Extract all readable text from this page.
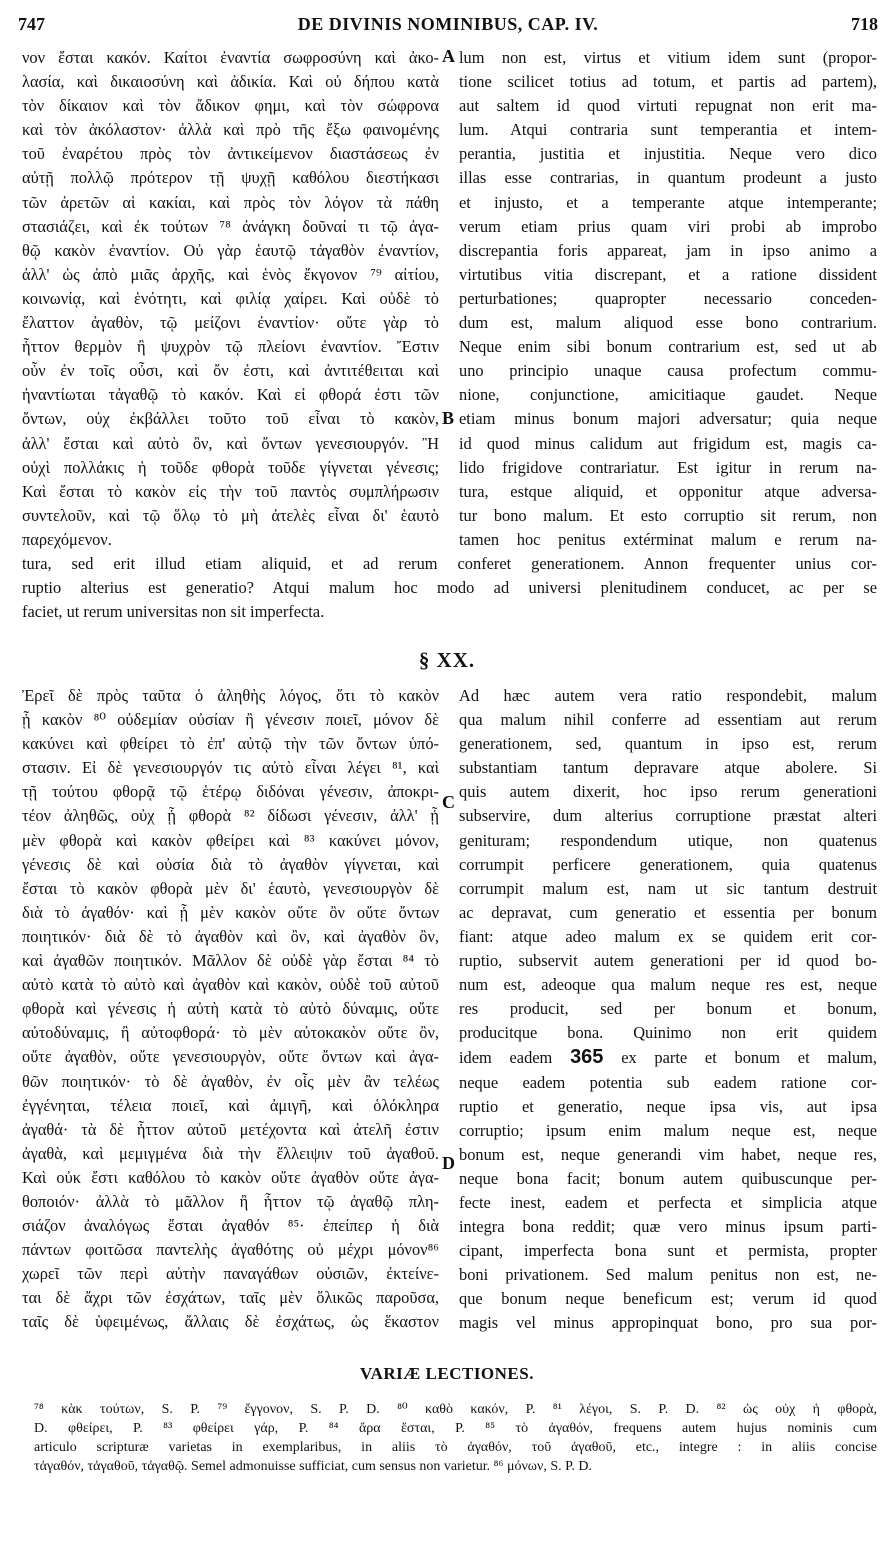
747	DE DIVINIS NOMINIBUS, CAP. IV.	718
νον ἔσται κακόν. Καίτοι ἐναντία σωφροσύνη καὶ ἀκο-
λασία, καὶ δικαιοσύνη καὶ ἀδικία. Καὶ οὐ δήπου κατὰ
τὸν δίκαιον καὶ τὸν ἄδικον φημι, καὶ τὸν σώφρονα
καὶ τὸν ἀκόλαστον· ἀλλὰ καὶ πρὸ τῆς ἔξω φαινομένης
τοῦ ἐναρέτου πρὸς τὸν ἀντικείμενον διαστάσεως ἐν
αὐτῇ πολλῷ πρότερον τῇ ψυχῇ καθόλου διεστήκασι
τῶν ἀρετῶν αἱ κακίαι, καὶ πρὸς τὸν λόγον τὰ πάθη
στασιάζει, καὶ ἐκ τούτων ⁷⁸ ἀνάγκη δοῦναί τι τῷ ἀγα-
θῷ κακὸν ἐναντίον. Οὐ γὰρ ἑαυτῷ τἀγαθὸν ἐναντίον,
ἀλλ' ὡς ἀπὸ μιᾶς ἀρχῆς, καὶ ἑνὸς ἔκγονον ⁷⁹ αἰτίου,
κοινωνίᾳ, καὶ ἑνότητι, καὶ φιλίᾳ χαίρει. Καὶ οὐδὲ τὸ
ἔλαττον ἀγαθὸν, τῷ μείζονι ἐναντίον· οὔτε γὰρ τὸ
ἧττον θερμὸν ἢ ψυχρὸν τῷ πλείονι ἐναντίον. Ἔστιν
οὖν ἐν τοῖς οὖσι, καὶ ὄν ἐστι, καὶ ἀντιτέθειται καὶ
ἠναντίωται τἀγαθῷ τὸ κακόν. Καὶ εἰ φθορά ἐστι τῶν
ὄντων, οὐχ ἐκβάλλει τοῦτο τοῦ εἶναι τὸ κακὸν,
ἀλλ' ἔσται καὶ αὐτὸ ὂν, καὶ ὄντων γενεσιουργόν. Ἢ
οὐχὶ πολλάκις ἡ τοῦδε φθορὰ τοῦδε γίγνεται γένεσις;
Καὶ ἔσται τὸ κακὸν εἰς τὴν τοῦ παντὸς συμπλήρωσιν
συντελοῦν, καὶ τῷ ὅλῳ τὸ μὴ ἀτελὲς εἶναι δι' ἑαυτὸ
παρεχόμενον.
lum non est, virtus et vitium idem sunt (propor-
tione scilicet totius ad totum, et partis ad partem),
aut saltem id quod virtuti repugnat non erit ma-
lum. Atqui contraria sunt temperantia et intem-
perantia, justitia et injustitia. Neque vero dico
illas esse contrarias, in quantum prodeunt a justo
et injusto, et a temperante atque intemperante;
verum etiam prius quam viri probi ab improbo
discrepantia foris appareat, jam in ipso animo a
virtutibus vitia discrepant, et a ratione dissident
perturbationes; quapropter necessario conceden-
dum est, malum aliquod esse bono contrarium.
Neque enim sibi bonum contrarium est, sed ut ab
uno principio unaque causa profectum commu-
nione, conjunctione, amicitiaque gaudet. Neque
etiam minus bonum majori adversatur; quia neque
id quod minus calidum aut frigidum est, magis ca-
lido frigidove contrariatur. Est igitur in rerum na-
tura, estque aliquid, et opponitur atque adversa-
tur bono malum. Et esto corruptio sit rerum, non
tamen hoc penitus extérminat malum e rerum na-
A
B
tura, sed erit illud etiam aliquid, et ad rerum conferet generationem. Annon frequenter unius cor-
ruptio alterius est generatio? Atqui malum hoc modo ad universi plenitudinem conducet, ac per se
faciet, ut rerum universitas non sit imperfecta.
§ XX.
Ἐρεῖ δὲ πρὸς ταῦτα ὁ ἀληθὴς λόγος, ὅτι τὸ κακὸν
ᾗ κακὸν ⁸⁰ οὐδεμίαν οὐσίαν ἢ γένεσιν ποιεῖ, μόνον δὲ
κακύνει καὶ φθείρει τὸ ἐπ' αὐτῷ τὴν τῶν ὄντων ὑπό-
στασιν. Εἰ δὲ γενεσιουργόν τις αὐτὸ εἶναι λέγει ⁸¹, καὶ
τῇ τούτου φθορᾷ τῷ ἑτέρῳ διδόναι γένεσιν, ἀποκρι-
τέον ἀληθῶς, οὐχ ᾗ φθορὰ ⁸² δίδωσι γένεσιν, ἀλλ' ᾗ
μὲν φθορὰ καὶ κακὸν φθείρει καὶ ⁸³ κακύνει μόνον,
γένεσις δὲ καὶ οὐσία διὰ τὸ ἀγαθὸν γίγνεται, καὶ
ἔσται τὸ κακὸν φθορὰ μὲν δι' ἑαυτὸ, γενεσιουργὸν δὲ
διὰ τὸ ἀγαθόν· καὶ ᾗ μὲν κακὸν οὔτε ὂν οὔτε ὄντων
ποιητικόν· διὰ δὲ τὸ ἀγαθὸν καὶ ὂν, καὶ ἀγαθὸν ὂν,
καὶ ἀγαθῶν ποιητικόν. Μᾶλλον δὲ οὐδὲ γὰρ ἔσται ⁸⁴ τὸ
αὐτὸ κατὰ τὸ αὐτὸ καὶ ἀγαθὸν καὶ κακὸν, οὐδὲ τοῦ αὐτοῦ
φθορὰ καὶ γένεσις ἡ αὐτὴ κατὰ τὸ αὐτὸ δύναμις, οὔτε
αὐτοδύναμις, ἢ αὐτοφθορά· τὸ μὲν αὐτοκακὸν οὔτε ὂν,
οὔτε ἀγαθὸν, οὔτε γενεσιουργὸν, οὔτε ὄντων καὶ ἀγα-
θῶν ποιητικόν· τὸ δὲ ἀγαθὸν, ἐν οἷς μὲν ἂν τελέως
ἐγγένηται, τέλεια ποιεῖ, καὶ ἀμιγῆ, καὶ ὁλόκληρα
ἀγαθά· τὰ δὲ ἧττον αὐτοῦ μετέχοντα καὶ ἀτελῆ ἐστιν
ἀγαθὰ, καὶ μεμιγμένα διὰ τὴν ἔλλειψιν τοῦ ἀγαθοῦ.
Καὶ οὐκ ἔστι καθόλου τὸ κακὸν οὔτε ἀγαθὸν οὔτε ἀγα-
θοποιόν· ἀλλὰ τὸ μᾶλλον ἢ ἧττον τῷ ἀγαθῷ πλη-
σιάζον ἀναλόγως ἔσται ἀγαθόν ⁸⁵· ἐπείπερ ἡ διὰ
πάντων φοιτῶσα παντελὴς ἀγαθότης οὐ μέχρι μόνον⁸⁶
χωρεῖ τῶν περὶ αὐτὴν παναγάθων οὐσιῶν, ἐκτείνε-
ται δὲ ἄχρι τῶν ἐσχάτων, ταῖς μὲν ὅλικῶς παροῦσα,
ταῖς δὲ ὑφειμένως, ἄλλαις δὲ ἐσχάτως, ὡς ἕκαστον
Ad hæc autem vera ratio respondebit, malum
qua malum nihil conferre ad essentiam aut rerum
generationem, sed, quantum in ipso est, rerum
substantiam tantum depravare atque abolere. Si
quis autem dixerit, hoc ipso rerum generationi
subservire, dum alterius corruptione præstat alteri
genituram; respondendum utique, non quatenus
corrumpit perficere generationem, quia quatenus
corrumpit malum est, nam ut sic tantum destruit
ac depravat, cum generatio et essentia per bonum
fiant: atque adeo malum ex se quidem erit cor-
ruptio, subservit autem generationi per id quod bo-
num est, adeoque qua malum neque res est, neque
res producit, sed per bonum et bonum,
producitque bona. Quinimo non erit quidem
idem eadem 365 ex parte et bonum et malum,
neque eadem potentia sub eadem ratione cor-
ruptio et generatio, neque ipsa vis, aut ipsa
corruptio; ipsum enim malum neque est, neque
bonum est, neque generandi vim habet, neque res,
neque bona facit; bonum autem quibuscunque per-
fecte inest, eadem et perfecta et simplicia atque
integra bona reddit; quæ vero minus ipsum parti-
cipant, imperfecta bona sunt et permista, propter
boni privationem. Sed malum penitus non est, ne-
que bonum neque beneficum est; verum id quod
magis vel minus appropinquat bono, pro sua por-
C
D
VARIÆ LECTIONES.
⁷⁸ κὰκ τούτων, S. P. ⁷⁹ ἔγγονον, S. P. D. ⁸⁰ καθὸ κακόν, P. ⁸¹ λέγοι, S. P. D. ⁸² ὡς οὐχ ἡ φθορὰ,
D. φθείρει, P. ⁸³ φθείρει γάρ, P. ⁸⁴ ἄρα ἔσται, P. ⁸⁵ τὸ ἀγαθόν, frequens autem hujus nominis cum
articulo scripturæ varietas in exemplaribus, in aliis τὸ ἀγαθόν, τοῦ ἀγαθοῦ, etc., integre : in aliis concise
τἀγαθόν, τἀγαθοῦ, τἀγαθῷ. Semel admonuisse sufficiat, cum sensus non varietur. ⁸⁶ μόνων, S. P. D.
